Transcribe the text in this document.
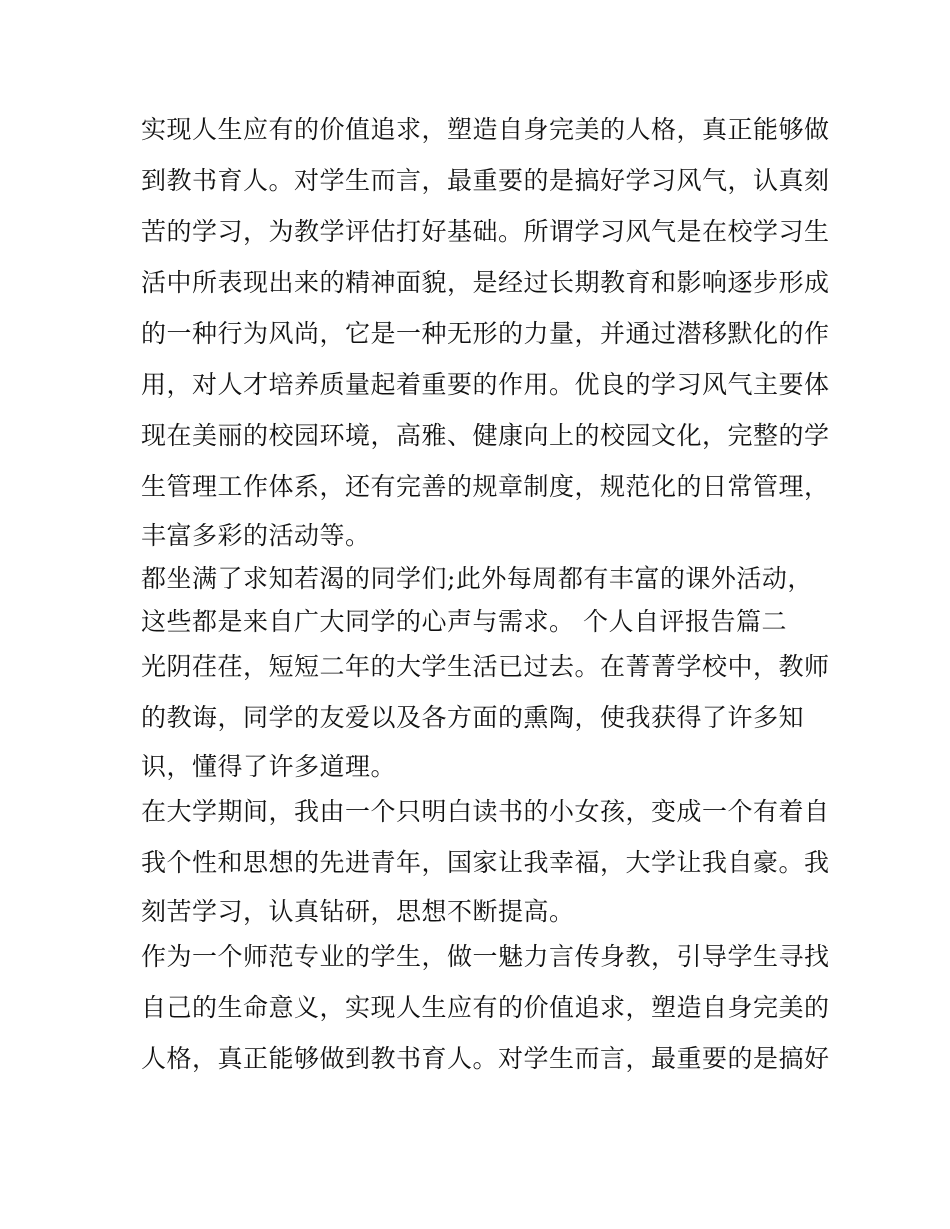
实现人生应有的价值追求，塑造自身完美的人格，真正能够做
到教书育人。对学生而言，最重要的是搞好学习风气，认真刻
苦的学习，为教学评估打好基础。所谓学习风气是在校学习生
活中所表现出来的精神面貌，是经过长期教育和影响逐步形成
的一种行为风尚，它是一种无形的力量，并通过潜移默化的作
用，对人才培养质量起着重要的作用。优良的学习风气主要体
现在美丽的校园环境，高雅、健康向上的校园文化，完整的学
生管理工作体系，还有完善的规章制度，规范化的日常管理，
丰富多彩的活动等。
都坐满了求知若渴的同学们;此外每周都有丰富的课外活动，
这些都是来自广大同学的心声与需求。 个人自评报告篇二
光阴荏荏，短短二年的大学生活已过去。在菁菁学校中，教师
的教诲，同学的友爱以及各方面的熏陶，使我获得了许多知
识，懂得了许多道理。
在大学期间，我由一个只明白读书的小女孩，变成一个有着自
我个性和思想的先进青年，国家让我幸福，大学让我自豪。我
刻苦学习，认真钻研，思想不断提高。
作为一个师范专业的学生，做一魅力言传身教，引导学生寻找
自己的生命意义，实现人生应有的价值追求，塑造自身完美的
人格，真正能够做到教书育人。对学生而言，最重要的是搞好
